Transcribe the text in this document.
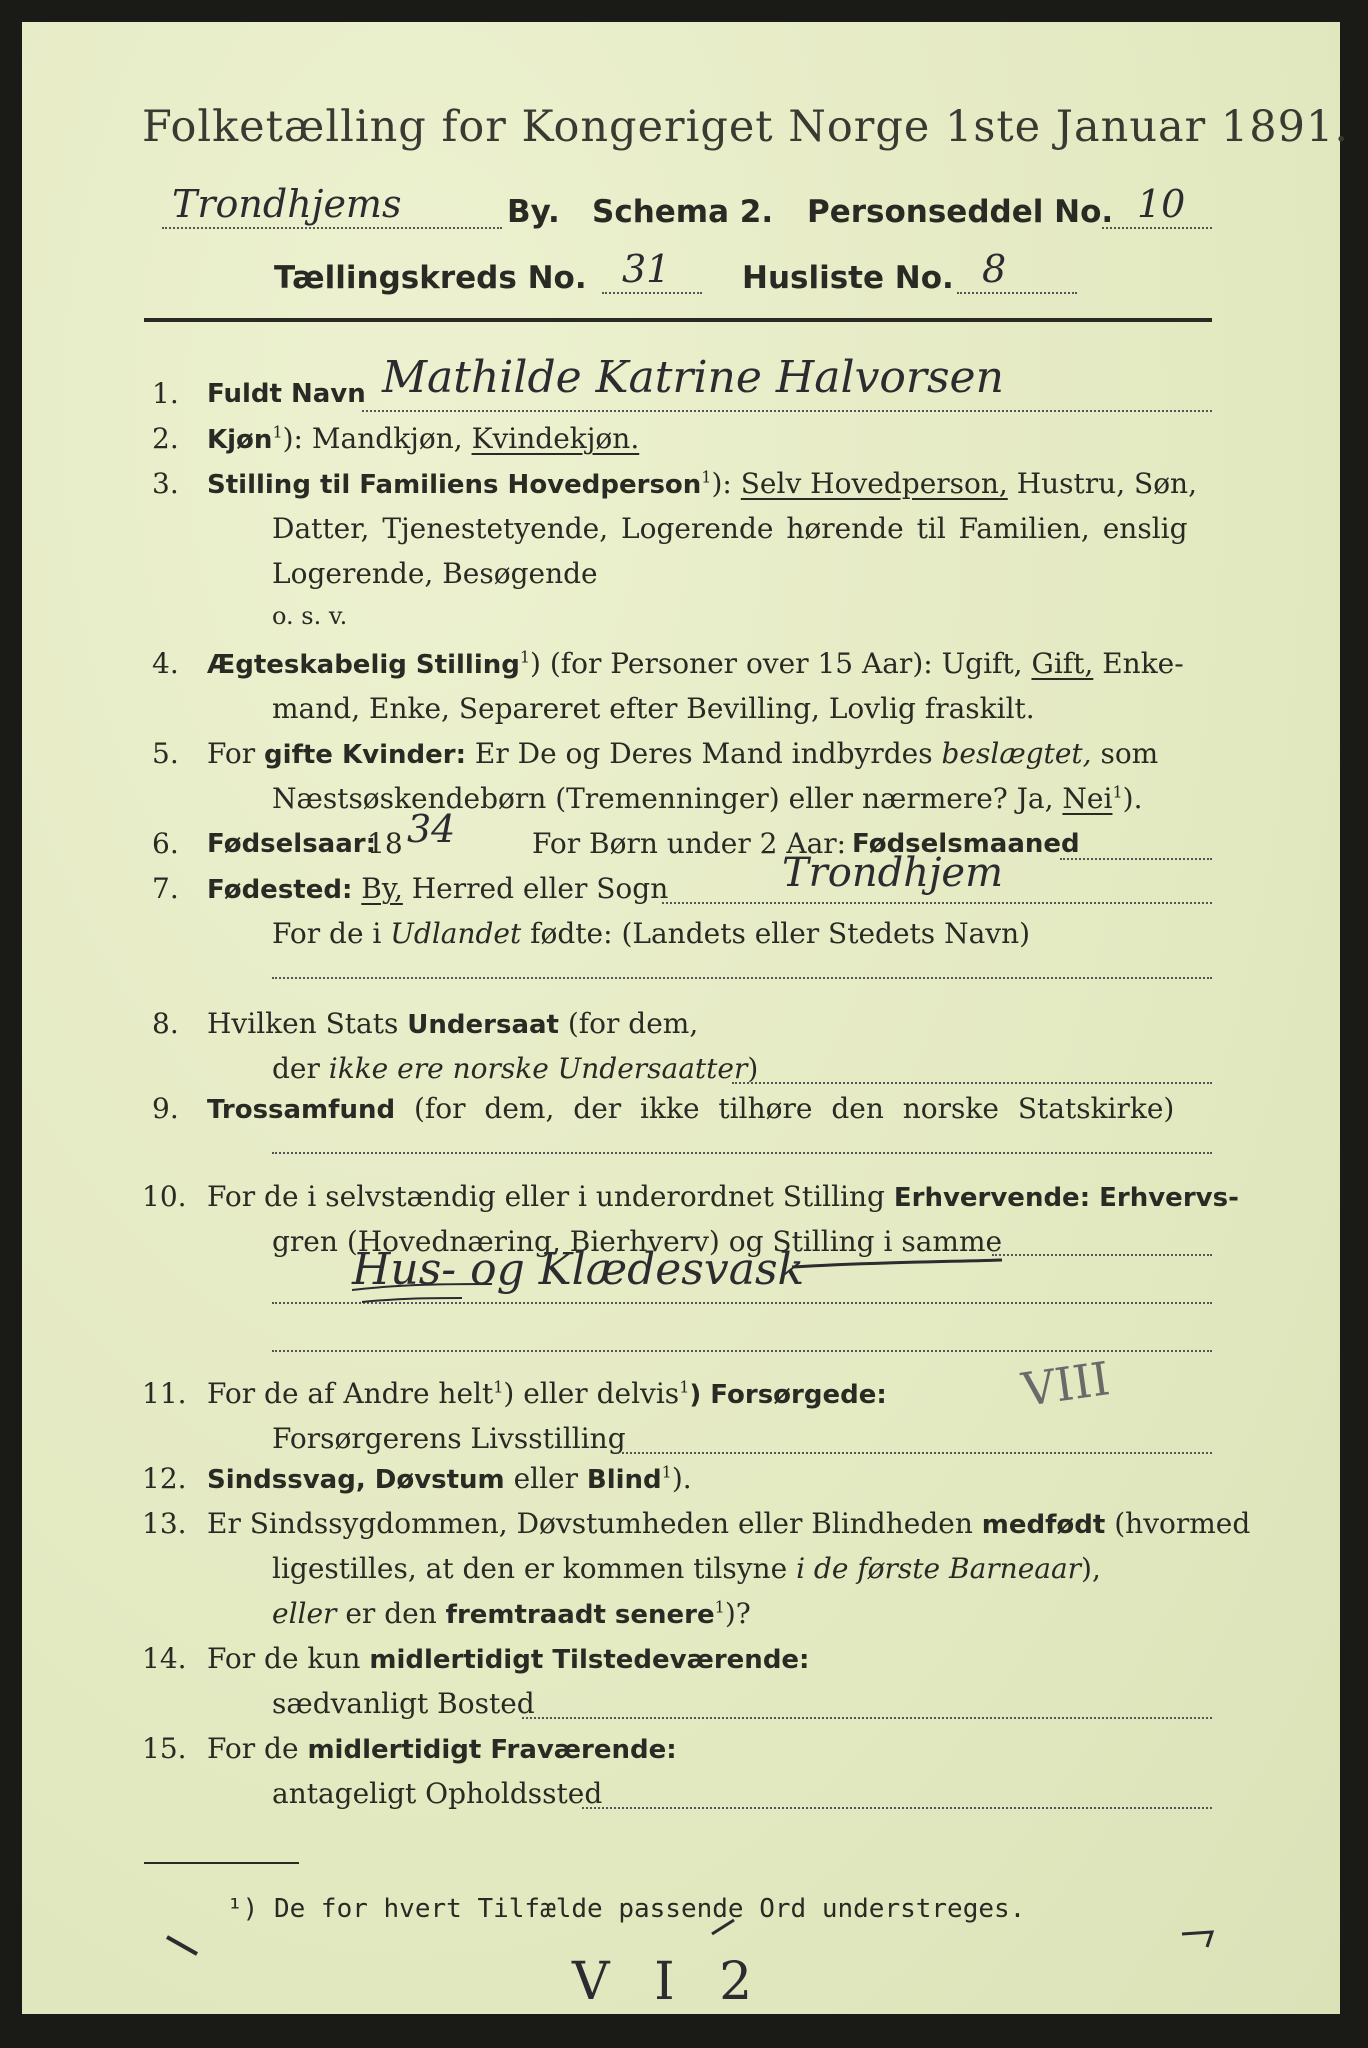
Folketælling for Kongeriget Norge 1ste Januar 1891.
Trondhjems	By. Schema 2. Personseddel No. 10
Tællingskreds No. 31 Husliste No. 8
1. Fuldt Navn Mathilde Katrine Halvorsen
2. Kjøn$^1$): Mandkjøn, Kvindekjøn.
3. Stilling til Familiens Hovedperson$^1$): Selv Hovedperson, Hustru, Søn,
Datter, Tjenestetyende, Logerende hørende til Familien, enslig
Logerende, Besøgende
o. s. v.
4. Ægteskabelig Stilling$^1$) (for Personer over 15 Aar): Ugift, Gift, Enke-
mand, Enke, Separeret efter Bevilling, Lovlig fraskilt.
5. For gifte Kvinder: Er De og Deres Mand indbyrdes beslægtet, som
Næstsøskendebørn (Tremenninger) eller nærmere? Ja, Nei$^1$).
6. Fødselsaar:
18 34	For Børn under 2 Aar: Fødselsmaaned
7. Fødested: By, Herred eller Sogn	Trondhjem
For de i Udlandet fødte: (Landets eller Stedets Navn)
8. Hvilken Stats Undersaat (for dem,
der ikke ere norske Undersaatter)
9. Trossamfund (for dem, der ikke tilhøre den norske Statskirke)
10. For de i selvstændig eller i underordnet Stilling Erhvervende: Erhvervs-
gren (Hovednæring, Bierhverv) og Stilling i samme
Hus- og Klædesvask
11. For de af Andre helt$^1$) eller delvis$^1$) Forsørgede:
Forsørgerens Livsstilling
VIII
12. Sindssvag, Døvstum eller Blind$^1$).
13. Er Sindssygdommen, Døvstumheden eller Blindheden medfødt (hvormed
ligestilles, at den er kommen tilsyne i de første Barneaar),
eller er den fremtraadt senere$^1$)?
14. For de kun midlertidigt Tilstedeværende:
sædvanligt Bosted
15. For de midlertidigt Fraværende:
antageligt Opholdssted
¹) De for hvert Tilfælde passende Ord understreges.
V I 2
